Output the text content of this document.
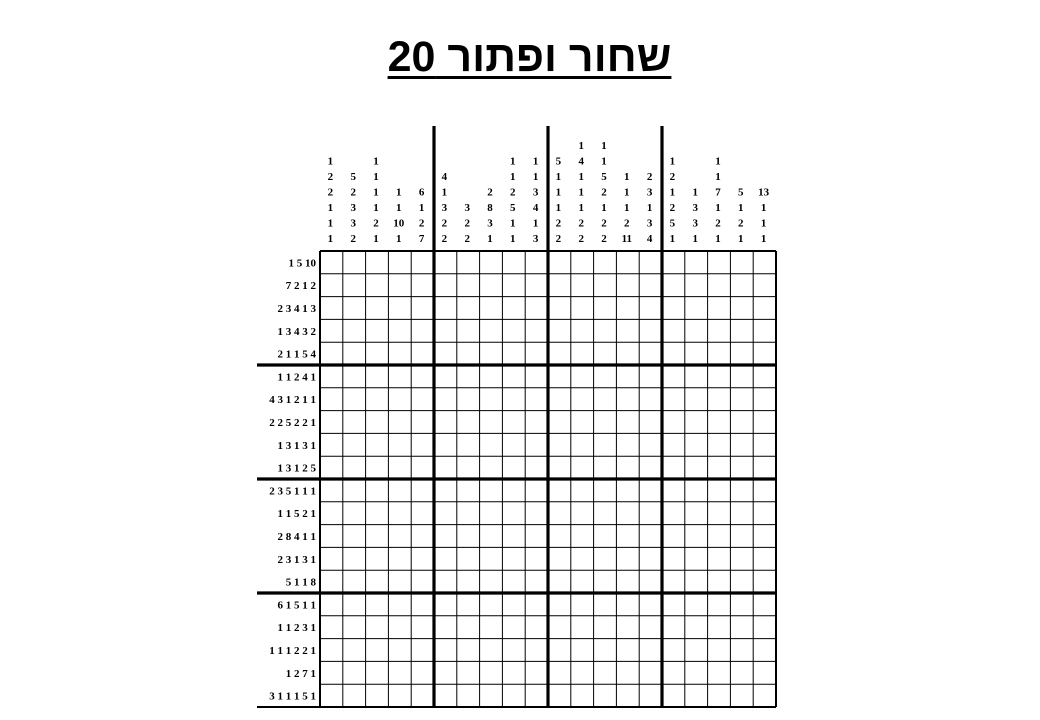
שחור ופתור 20
1
2
2
1
1
1
5
2
3
3
2
1
1
1
1
2
1
1
1
10
1
6
1
2
7
4
1
3
2
2
3
2
2
2
8
3
1
1
1
2
5
1
1
1
1
3
4
1
3
5
1
1
1
2
2
1
4
1
1
1
2
2
1
1
5
2
1
2
2
1
1
1
2
11
2
3
1
3
4
1
2
1
2
5
1
1
3
3
1
1
1
7
1
2
1
5
1
2
1
13
1
1
1
1 5 10
7 2 1 2
2 3 4 1 3
1 3 4 3 2
2 1 1 5 4
1 1 2 4 1
4 3 1 2 1 1
2 2 5 2 2 1
1 3 1 3 1
1 3 1 2 5
2 3 5 1 1 1
1 1 5 2 1
2 8 4 1 1
2 3 1 3 1
5 1 1 8
6 1 5 1 1
1 1 2 3 1
1 1 1 2 2 1
1 2 7 1
3 1 1 1 5 1
